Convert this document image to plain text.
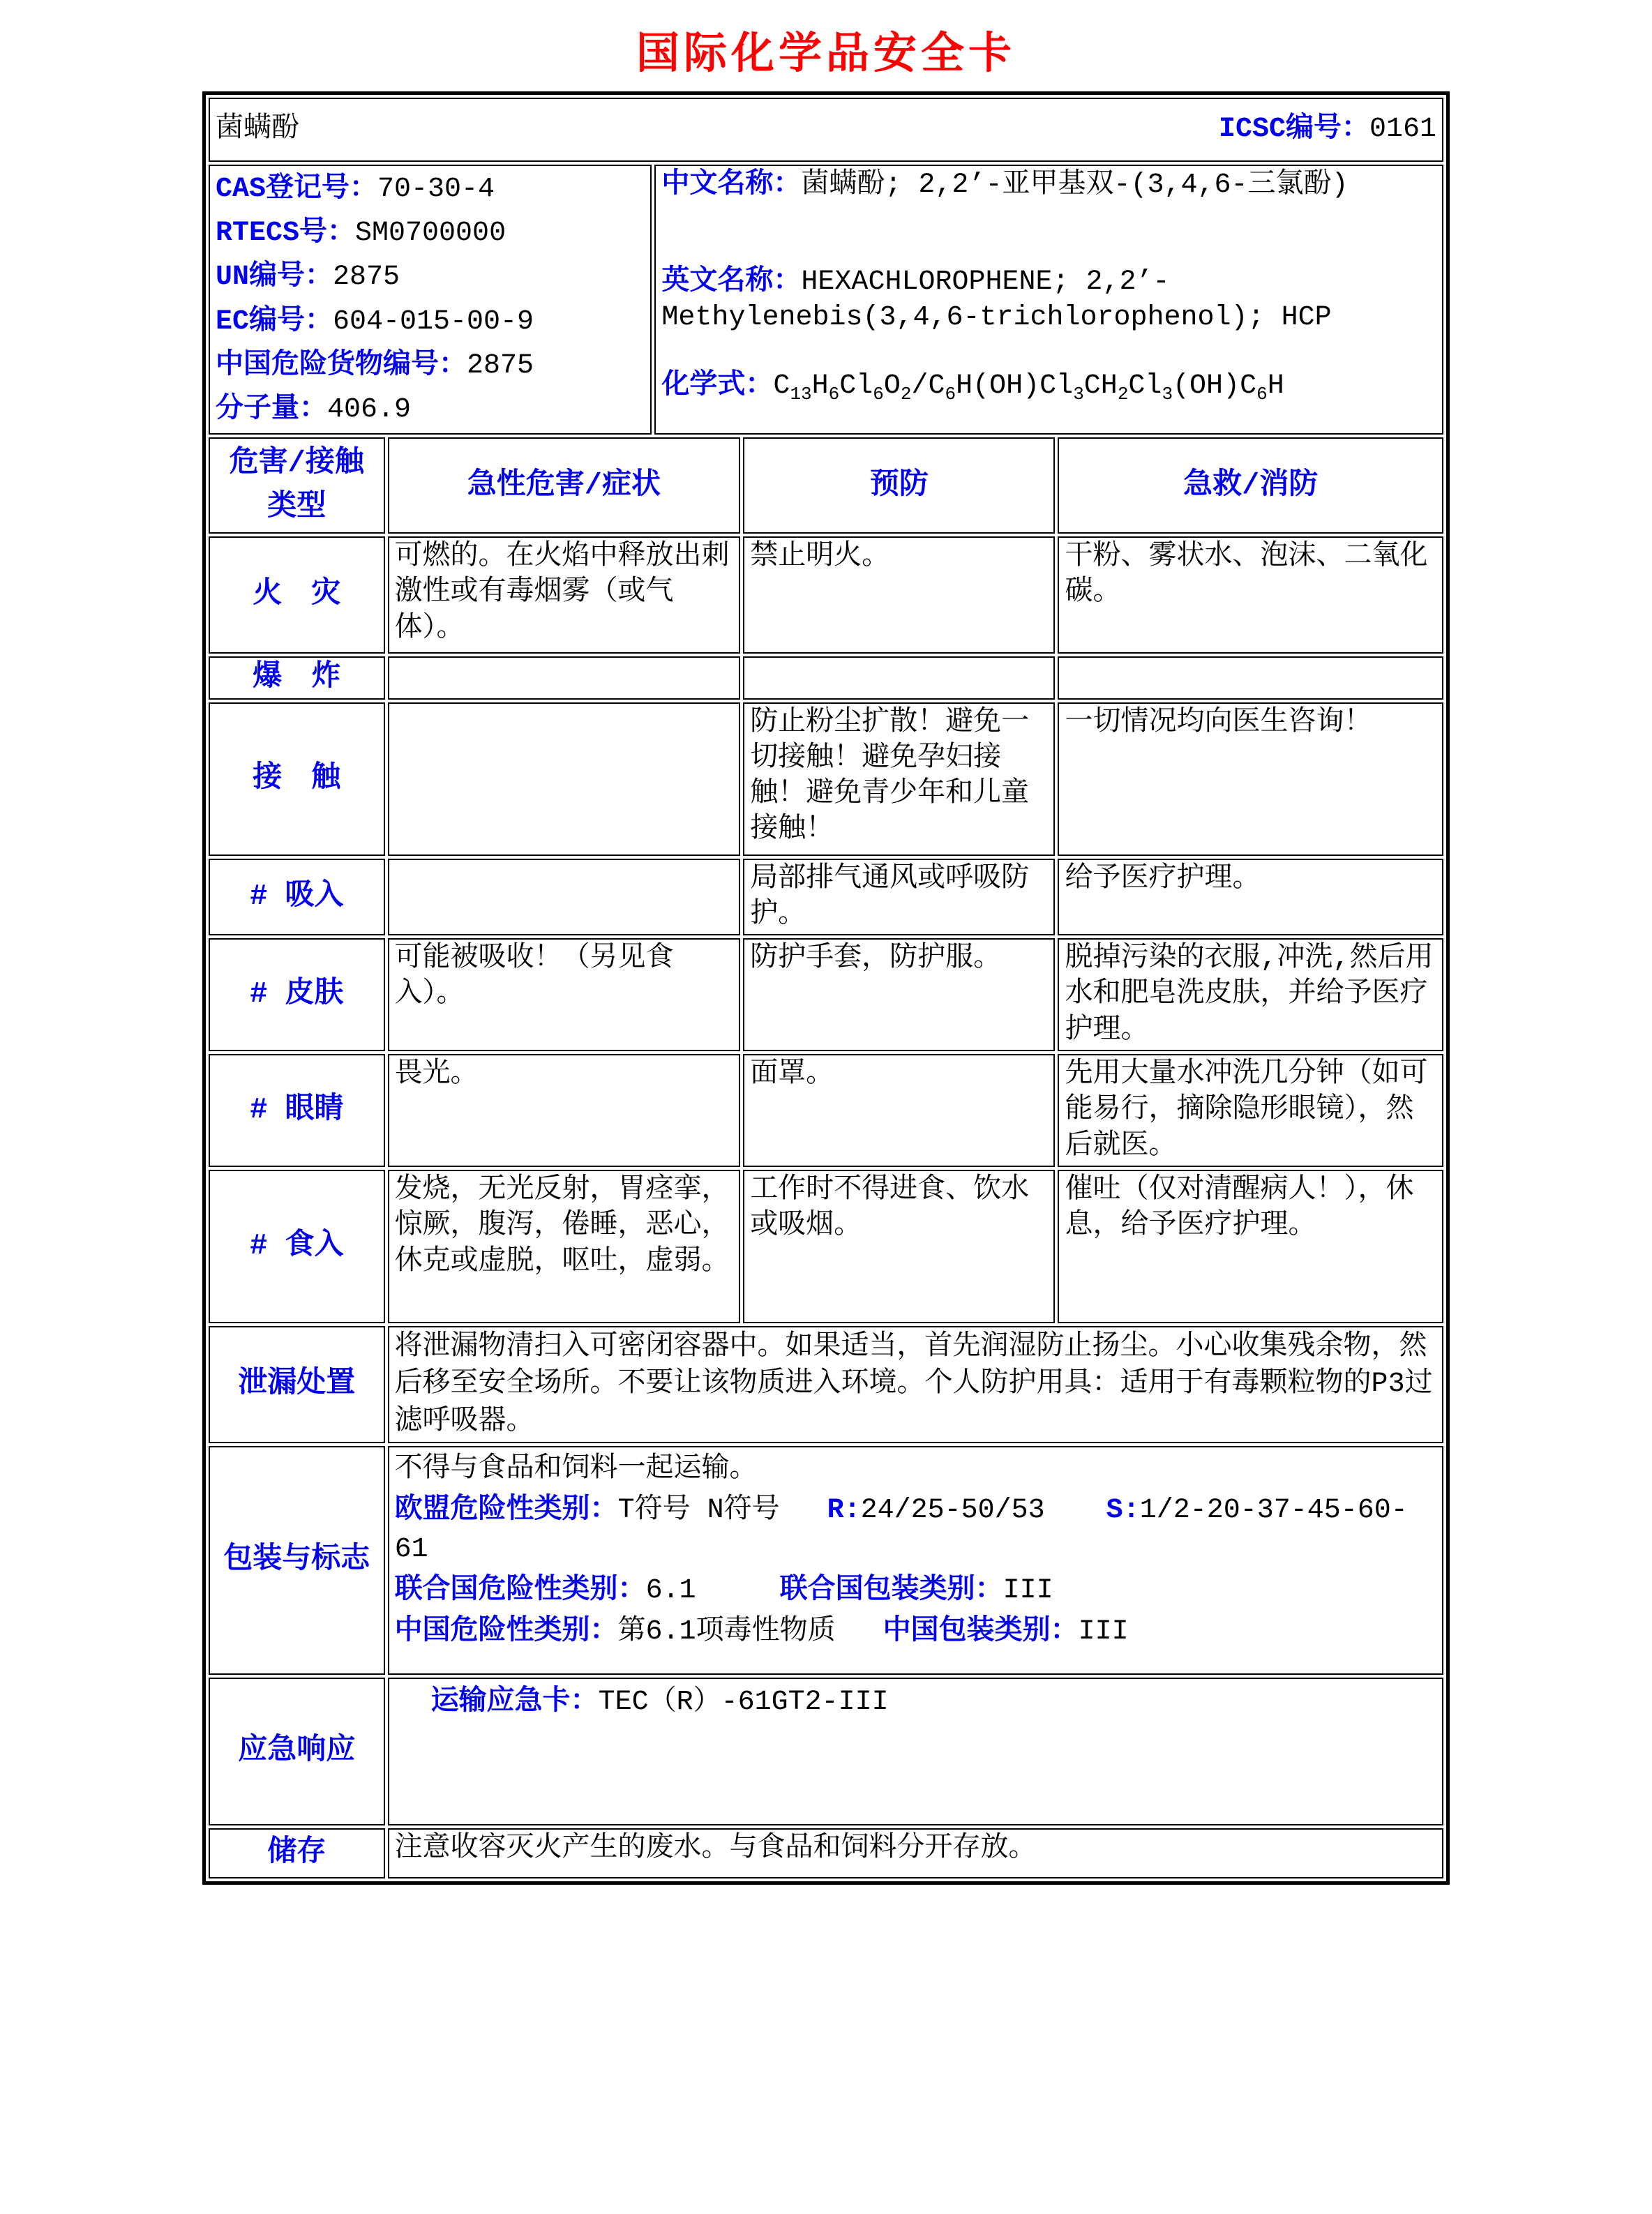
国际化学品安全卡
菌螨酚 ICSC编号：0161				

CAS登记号：70-30-4
RTECS号：SM0700000
UN编号：2875
EC编号：604-015-00-9
中国危险货物编号：2875
分子量：406.9

中文名称：菌螨酚; 2,2’-亚甲基双-(3,4,6-三氯酚)
英文名称：HEXACHLOROPHENE; 2,2’-Methylenebis(3,4,6-trichlorophenol); HCP
化学式：$C_{13}H_6Cl_6O_2/C_6H(OH)Cl_3CH_2Cl_3(OH)C_6H$

危害/接触类型	急性危害/症状		预防	急救/消防
火　灾	可燃的。在火焰中释放出刺激性或有毒烟雾（或气体）。		禁止明火。	干粉、雾状水、泡沫、二氧化碳。
爆　炸				
接　触			防止粉尘扩散！避免一切接触！避免孕妇接触！避免青少年和儿童接触！	一切情况均向医生咨询！
# 吸入			局部排气通风或呼吸防护。	给予医疗护理。
# 皮肤	可能被吸收！（另见食入）。		防护手套，防护服。	脱掉污染的衣服,冲洗,然后用水和肥皂洗皮肤，并给予医疗护理。
# 眼睛	畏光。		面罩。	先用大量水冲洗几分钟（如可能易行，摘除隐形眼镜），然后就医。
# 食入	发烧，无光反射，胃痉挛，惊厥，腹泻，倦睡，恶心，休克或虚脱，呕吐，虚弱。		工作时不得进食、饮水或吸烟。	催吐（仅对清醒病人！），休息，给予医疗护理。
泄漏处置	将泄漏物清扫入可密闭容器中。如果适当，首先润湿防止扬尘。小心收集残余物，然后移至安全场所。不要让该物质进入环境。个人防护用具：适用于有毒颗粒物的P3过滤呼吸器。			
包装与标志	不得与食品和饲料一起运输。
欧盟危险性类别：T符号 N符号 R:24/25-50/53 S:1/2-20-37-45-60-61
联合国危险性类别：6.1 联合国包装类别：III
中国危险性类别：第6.1项毒性物质 中国包装类别：III			

应急响应	运输应急卡：TEC（R）-61GT2-III			

储存	注意收容灭火产生的废水。与食品和饲料分开存放。			
